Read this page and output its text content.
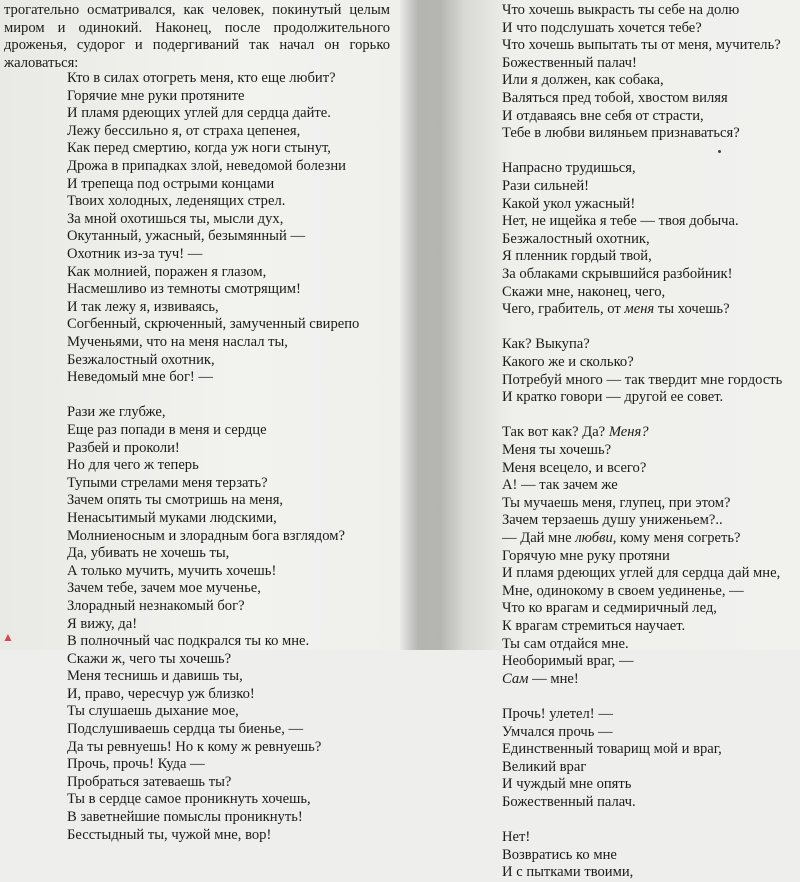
трогательно осматривался, как человек, покинутый целым миром и одинокий. Наконец, после продолжительного дроженья, судорог и подергиваний так начал он горько жаловаться:

Кто в силах отогреть меня, кто еще любит?
Горячие мне руки протяните
И пламя рдеющих углей для сердца дайте.
Лежу бессильно я, от страха цепенея,
Как перед смертию, когда уж ноги стынут,
Дрожа в припадках злой, неведомой болезни
И трепеща под острыми концами
Твоих холодных, леденящих стрел.
За мной охотишься ты, мысли дух,
Окутанный, ужасный, безымянный —
Охотник из-за туч! —
Как молнией, поражен я глазом,
Насмешливо из темноты смотрящим!
И так лежу я, извиваясь,
Согбенный, скрюченный, замученный свирепо
Мученьями, что на меня наслал ты,
Безжалостный охотник,
Неведомый мне бог! —
Рази же глубже,
Еще раз попади в меня и сердце
Разбей и проколи!
Но для чего ж теперь
Тупыми стрелами меня терзать?
Зачем опять ты смотришь на меня,
Ненасытимый муками людскими,
Молниеносным и злорадным бога взглядом?
Да, убивать не хочешь ты,
А только мучить, мучить хочешь!
Зачем тебе, зачем мое мученье,
Злорадный незнакомый бог?
Я вижу, да!
В полночный час подкрался ты ко мне.
Скажи ж, чего ты хочешь?
Меня теснишь и давишь ты,
И, право, чересчур уж близко!
Ты слушаешь дыхание мое,
Подслушиваешь сердца ты биенье, —
Да ты ревнуешь! Но к кому ж ревнуешь?
Прочь, прочь! Куда —
Пробраться затеваешь ты?
Ты в сердце самое проникнуть хочешь,
В заветнейшие помыслы проникнуть!
Бесстыдный ты, чужой мне, вор!
▲
Что хочешь выкрасть ты себе на долю
И что подслушать хочется тебе?
Что хочешь выпытать ты от меня, мучитель?
Божественный палач!
Или я должен, как собака,
Валяться пред тобой, хвостом виляя
И отдаваясь вне себя от страсти,
Тебе в любви виляньем признаваться?
Напрасно трудишься,
Рази сильней!
Какой укол ужасный!
Нет, не ищейка я тебе — твоя добыча.
Безжалостный охотник,
Я пленник гордый твой,
За облаками скрывшийся разбойник!
Скажи мне, наконец, чего,
Чего, грабитель, от меня ты хочешь?
Как? Выкупа?
Какого же и сколько?
Потребуй много — так твердит мне гордость
И кратко говори — другой ее совет.
Так вот как? Да? Меня?
Меня ты хочешь?
Меня всецело, и всего?
А! — так зачем же
Ты мучаешь меня, глупец, при этом?
Зачем терзаешь душу униженьем?..
— Дай мне любви, кому меня согреть?
Горячую мне руку протяни
И пламя рдеющих углей для сердца дай мне,
Мне, одинокому в своем уединенье, —
Что ко врагам и седмиричный лед,
К врагам стремиться научает.
Ты сам отдайся мне.
Необоримый враг, —
Сам — мне!
Прочь! улетел! —
Умчался прочь —
Единственный товарищ мой и враг,
Великий враг
И чуждый мне опять
Божественный палач.
Нет!
Возвратись ко мне
И с пытками твоими,
